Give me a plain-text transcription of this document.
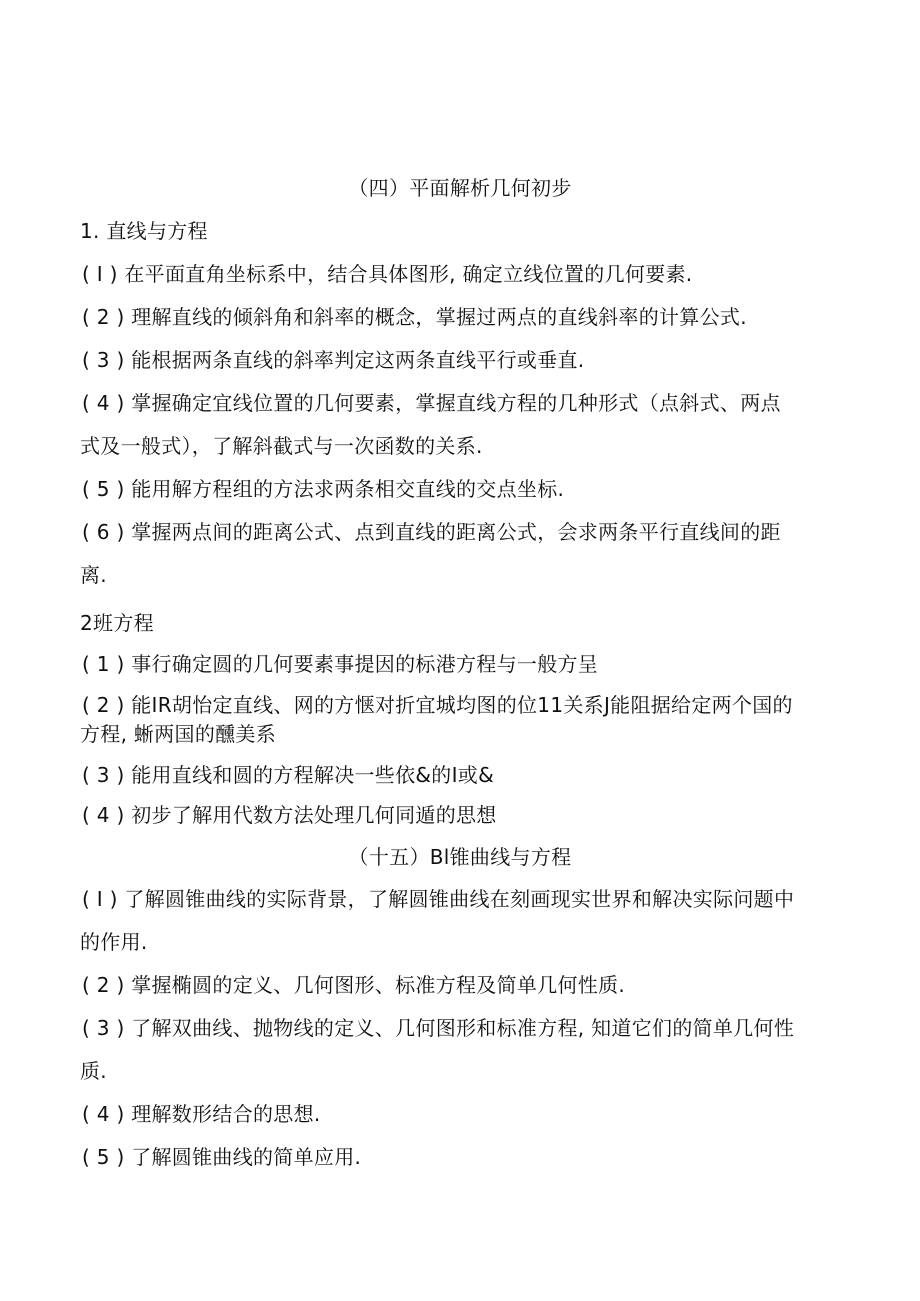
（四）平面解析几何初步
1. 直线与方程
( I ) 在平面直角坐标系中，结合具体图形, 确定立线位置的几何要素.
( 2 ) 理解直线的倾斜角和斜率的概念，掌握过两点的直线斜率的计算公式.
( 3 ) 能根据两条直线的斜率判定这两条直线平行或垂直.
( 4 ) 掌握确定宜线位置的几何要素，掌握直线方程的几种形式（点斜式、两点
式及一般式），了解斜截式与一次函数的关系.
( 5 ) 能用解方程组的方法求两条相交直线的交点坐标.
( 6 ) 掌握两点间的距离公式、点到直线的距离公式，会求两条平行直线间的距
离.
2班方程
( 1 ) 事行确定圆的几何要素事提因的标港方程与一般方呈
( 2 ) 能IR胡怡定直线、网的方惬对折宜城均图的位11关系J能阻据给定两个国的
方程, 蜥两国的醺美系
( 3 ) 能用直线和圆的方程解决一些依&的I或&
( 4 ) 初步了解用代数方法处理几何同遁的思想
（十五）Bl锥曲线与方程
( I ) 了解圆锥曲线的实际背景，了解圆锥曲线在刻画现实世界和解决实际问题中
的作用.
( 2 ) 掌握椭圆的定义、几何图形、标准方程及简单几何性质.
( 3 ) 了解双曲线、抛物线的定义、几何图形和标准方程, 知道它们的简单几何性
质.
( 4 ) 理解数形结合的思想.
( 5 ) 了解圆锥曲线的简单应用.
